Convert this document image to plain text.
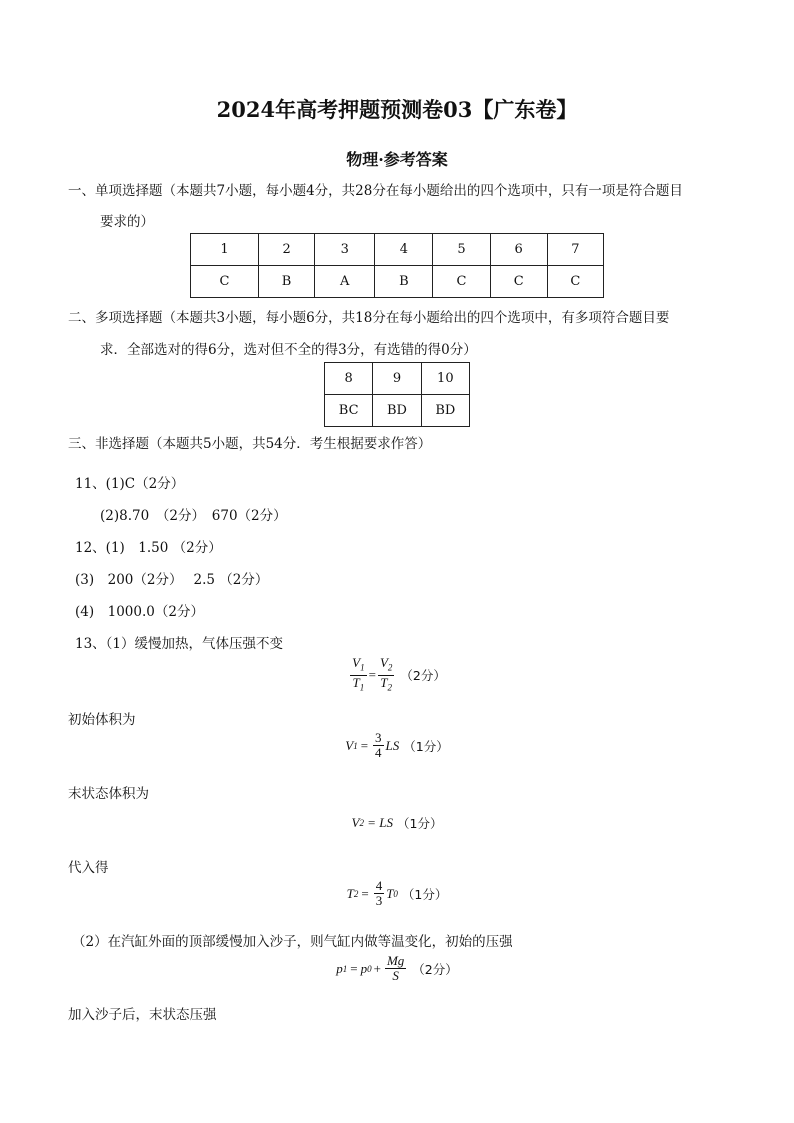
2024年高考押题预测卷03【广东卷】
物理·参考答案
一、单项选择题（本题共7小题，每小题4分，共28分在每小题给出的四个选项中，只有一项是符合题目
要求的）
1	2	3	4	5	6	7
C	B	A	B	C	C	C
二、多项选择题（本题共3小题，每小题6分，共18分在每小题给出的四个选项中，有多项符合题目要
求．全部选对的得6分，选对但不全的得3分，有选错的得0分）
8	9	10
BC	BD	BD
三、非选择题（本题共5小题，共54分．考生根据要求作答）
11、(1)C（2分）
(2)8.70　（2分）　670（2分）
12、(1)　1.50 （2分）
(3)　200（2分）　 2.5 （2分）
(4)　1000.0（2分）
13、（1）缓慢加热，气体压强不变
$\frac{V_1}{T_1} = \frac{V_2}{T_2} (2$分）
初始体积为
V $1 = \frac{3}{4}$ LS （1分）
末状态体积为
V 2 = LS （1分）
代入得
T $2 = \frac{4}{3}$ T 0 （1分）
（2）在汽缸外面的顶部缓慢加入沙子，则气缸内做等温变化，初始的压强
p 1 = p $0 + \frac{Mg}{S} (2$分）
加入沙子后，末状态压强
